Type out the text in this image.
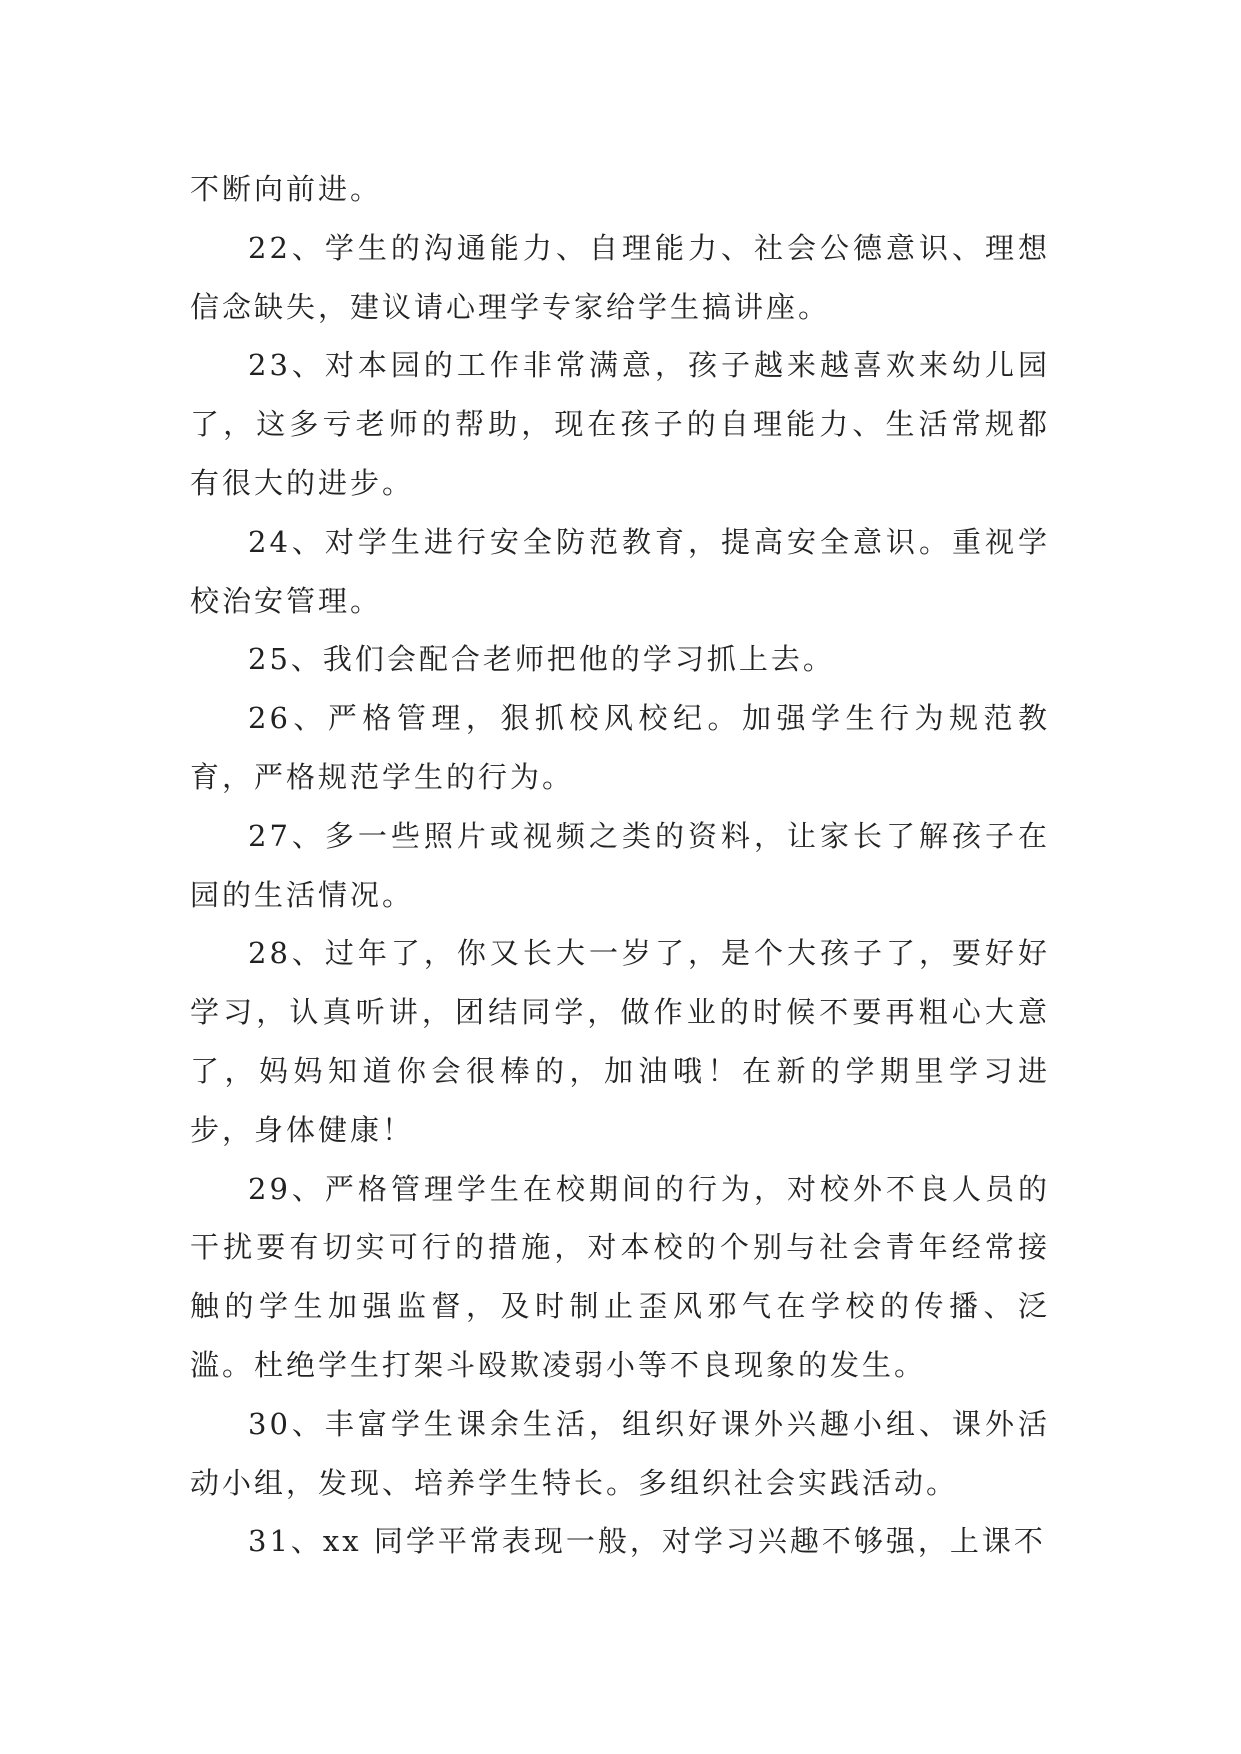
不断向前进。

22、学生的沟通能力、自理能力、社会公德意识、理想信念缺失，建议请心理学专家给学生搞讲座。

23、对本园的工作非常满意，孩子越来越喜欢来幼儿园了，这多亏老师的帮助，现在孩子的自理能力、生活常规都有很大的进步。

24、对学生进行安全防范教育，提高安全意识。重视学校治安管理。

25、我们会配合老师把他的学习抓上去。

26、严格管理，狠抓校风校纪。加强学生行为规范教育，严格规范学生的行为。

27、多一些照片或视频之类的资料，让家长了解孩子在园的生活情况。

28、过年了，你又长大一岁了，是个大孩子了，要好好学习，认真听讲，团结同学，做作业的时候不要再粗心大意了，妈妈知道你会很棒的，加油哦！在新的学期里学习进步，身体健康！

29、严格管理学生在校期间的行为，对校外不良人员的干扰要有切实可行的措施，对本校的个别与社会青年经常接触的学生加强监督，及时制止歪风邪气在学校的传播、泛滥。杜绝学生打架斗殴欺凌弱小等不良现象的发生。

30、丰富学生课余生活，组织好课外兴趣小组、课外活动小组，发现、培养学生特长。多组织社会实践活动。

31、xx 同学平常表现一般，对学习兴趣不够强，上课不
